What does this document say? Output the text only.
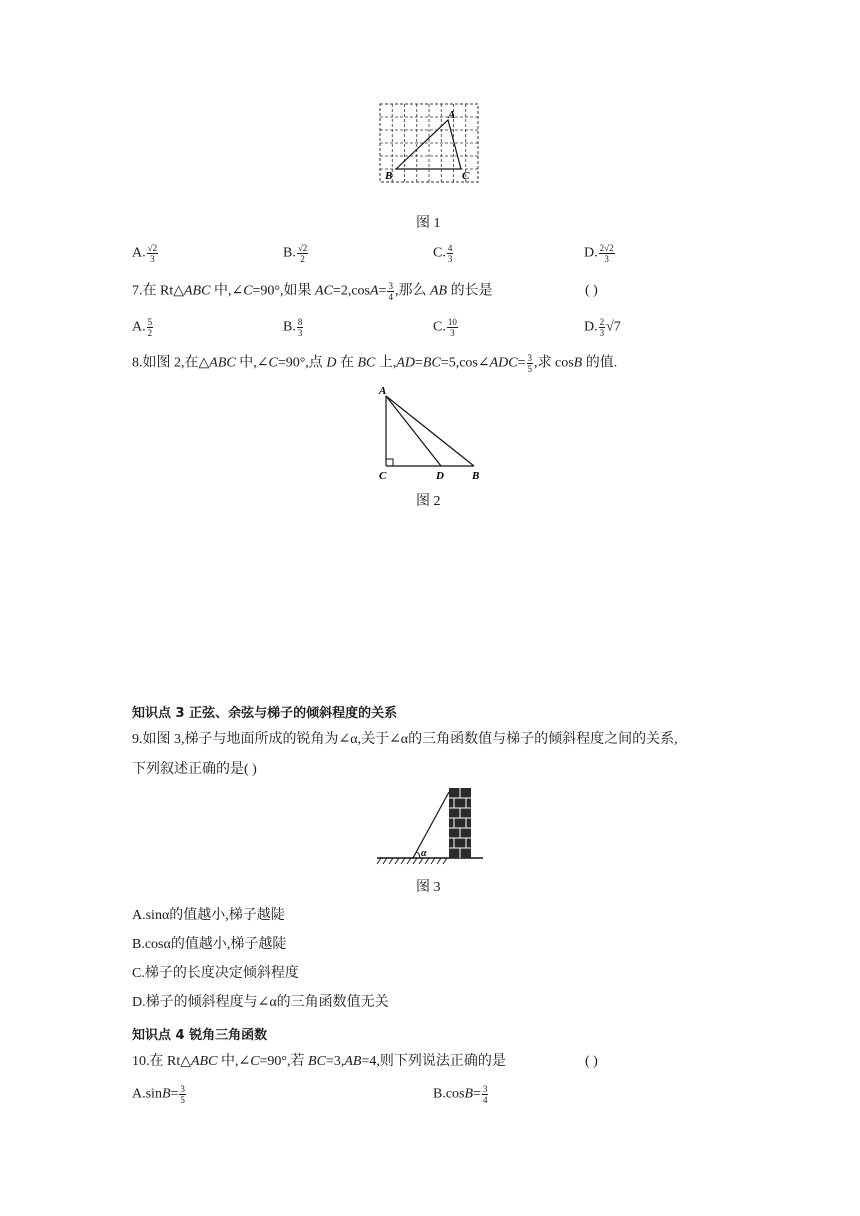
A
B	C
图 1
A. $\frac{√2}{3}$	B. $\frac{√2}{2}$	C. $\frac{4}{3}$	D. $\frac{2√2}{3}$
7.在 Rt△ABC 中,∠C=90°,如果 $AC=2,\cos A= \frac{3}{4}$ ,那么 AB 的长是	( )
A. $\frac{5}{2}$	B. $\frac{8}{3}$	C. $\frac{10}{3}$	D. $\frac{2}{3} √7$
8.如图 2,在△ABC 中,∠C=90°,点 D 在 BC 上,AD=BC=5,cos∠ADC= $\frac{3}{5}$ ,求 cosB 的值.
A
C	D	B
图 2
知识点 3 正弦、余弦与梯子的倾斜程度的关系
9.如图 3,梯子与地面所成的锐角为∠α,关于∠α的三角函数值与梯子的倾斜程度之间的关系,
下列叙述正确的是( )
α
图 3
A.sinα的值越小,梯子越陡
B.cosα的值越小,梯子越陡
C.梯子的长度决定倾斜程度
D.梯子的倾斜程度与∠α的三角函数值无关
知识点 4 锐角三角函数
10.在 Rt△ABC 中,∠C=90°,若 BC=3,AB=4,则下列说法正确的是	( )
$A.\sin B= \frac{3}{5}$	$B.\cos B= \frac{3}{4}$
